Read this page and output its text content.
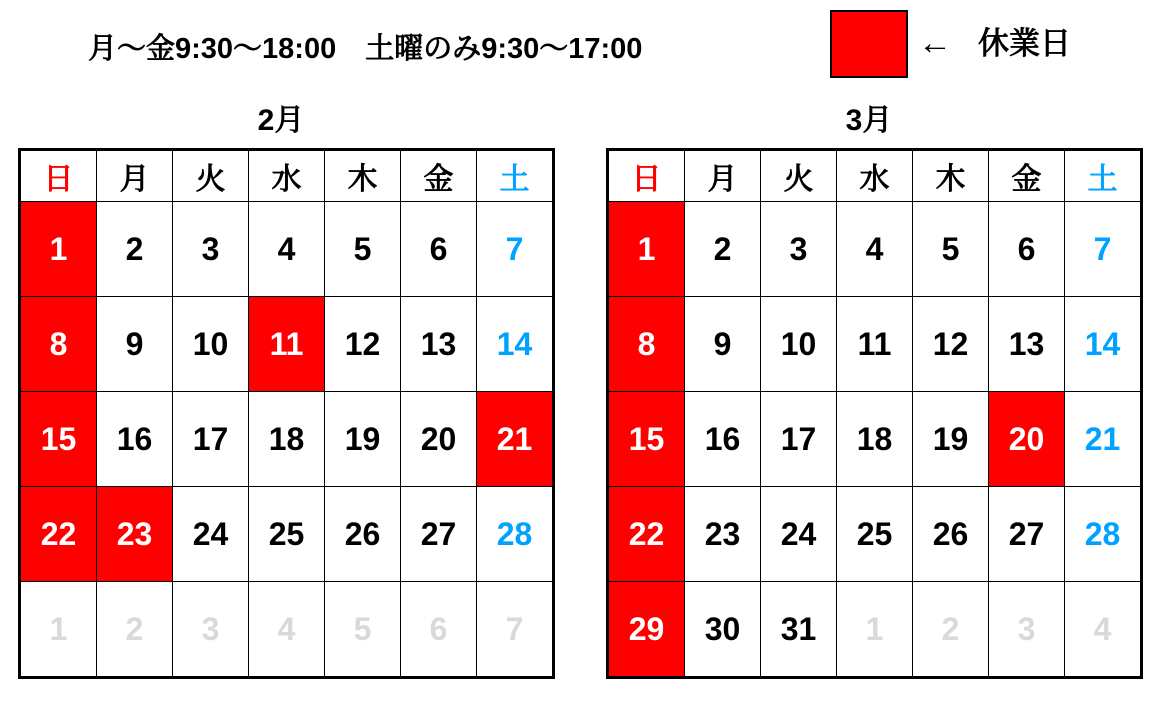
月～金9:30～18:00　土曜のみ9:30～17:00	← 休業日
2月
日	月	火	水	木	金	土
1	2	3	4	5	6	7
8	9	10	11	12	13	14
15	16	17	18	19	20	21
22	23	24	25	26	27	28
1	2	3	4	5	6	7
3月
日	月	火	水	木	金	土
1	2	3	4	5	6	7
8	9	10	11	12	13	14
15	16	17	18	19	20	21
22	23	24	25	26	27	28
29	30	31	1	2	3	4
